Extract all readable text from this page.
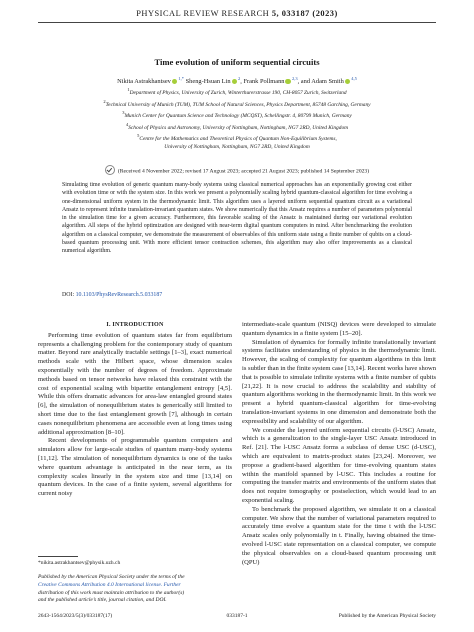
PHYSICAL REVIEW RESEARCH 5, 033187 (2023)
Time evolution of uniform sequential circuits
Nikita Astrakhantsev $^{1,*}$ Sheng-Hsuan Lin $^2$, Frank Pollmann $^{2,3}$, and Adam Smith $^{4,5}$
$^1$Department of Physics, University of Zurich, Winterthurerstrasse 190, CH-8057 Zurich, Switzerland
$^2$Technical University of Munich (TUM), TUM School of Natural Sciences, Physics Department, 85748 Garching, Germany
$^3$Munich Center for Quantum Science and Technology (MCQST), Schellingstr. 4, 80799 Munich, Germany
$^4$School of Physics and Astronomy, University of Nottingham, Nottingham, NG7 2RD, United Kingdom
$^5$Centre for the Mathematics and Theoretical Physics of Quantum Non-Equilibrium Systems,
University of Nottingham, Nottingham, NG7 2RD, United Kingdom
(Received 4 November 2022; revised 17 August 2023; accepted 21 August 2023; published 14 September 2023)
Simulating time evolution of generic quantum many-body systems using classical numerical approaches has an exponentially growing cost either with evolution time or with the system size. In this work we present a polynomially scaling hybrid quantum-classical algorithm for time evolving a one-dimensional uniform system in the thermodynamic limit. This algorithm uses a layered uniform sequential quantum circuit as a variational Ansatz to represent infinite translation-invariant quantum states. We show numerically that this Ansatz requires a number of parameters polynomial in the simulation time for a given accuracy. Furthermore, this favorable scaling of the Ansatz is maintained during our variational evolution algorithm. All steps of the hybrid optimization are designed with near-term digital quantum computers in mind. After benchmarking the evolution algorithm on a classical computer, we demonstrate the measurement of observables of this uniform state using a finite number of qubits on a cloud-based quantum processing unit. With more efficient tensor contraction schemes, this algorithm may also offer improvements as a classical numerical algorithm.
DOI: 10.1103/PhysRevResearch.5.033187
I. INTRODUCTION

Performing time evolution of quantum states far from equilibrium represents a challenging problem for the contemporary study of quantum matter. Beyond rare analytically tractable settings [1–3], exact numerical methods scale with the Hilbert space, whose dimension scales exponentially with the number of degrees of freedom. Approximate methods based on tensor networks have relaxed this constraint with the cost of exponential scaling with bipartite entanglement entropy [4,5]. While this offers dramatic advances for area-law entangled ground states [6], the simulation of nonequilibrium states is generically still limited to short time due to the fast entanglement growth [7], although in certain cases nonequilibrium phenomena are accessible even at long times using additional approximation [8–10].

Recent developments of programmable quantum computers and simulators allow for large-scale studies of quantum many-body systems [11,12]. The simulation of nonequilibrium dynamics is one of the tasks where quantum advantage is anticipated in the near term, as its complexity scales linearly in the system size and time [13,14] on quantum devices. In the case of a finite system, several algorithms for current noisy

intermediate-scale quantum (NISQ) devices were developed to simulate quantum dynamics in a finite system [15–20].

Simulation of dynamics for formally infinite translationally invariant systems facilitates understanding of physics in the thermodynamic limit. However, the scaling of complexity for quantum algorithms in this limit is subtler than in the finite system case [13,14]. Recent works have shown that is possible to simulate infinite systems with a finite number of qubits [21,22]. It is now crucial to address the scalability and stability of quantum algorithms working in the thermodynamic limit. In this work we present a hybrid quantum-classical algorithm for time-evolving translation-invariant systems in one dimension and demonstrate both the expressibility and scalability of our algorithm.

We consider the layered uniform sequential circuits (l-USC) Ansatz, which is a generalization to the single-layer USC Ansatz introduced in Ref. [21]. The l-USC Ansatz forms a subclass of dense USC (d-USC), which are equivalent to matrix-product states [23,24]. Moreover, we propose a gradient-based algorithm for time-evolving quantum states within the manifold spanned by l-USC. This includes a routine for computing the transfer matrix and environments of the uniform states that does not require tomography or postselection, which would lead to an exponential scaling.

To benchmark the proposed algorithm, we simulate it on a classical computer. We show that the number of variational parameters required to accurately time evolve a quantum state for the time t with the l-USC Ansatz scales only polynomially in t. Finally, having obtained the time-evolved l-USC state representation on a classical computer, we compute the physical observables on a cloud-based quantum processing unit (QPU)

*nikita.astrakhantsev@physik.uzh.ch
Published by the American Physical Society under the terms of the
Creative Commons Attribution 4.0 International license. Further
distribution of this work must maintain attribution to the author(s)
and the published article’s title, journal citation, and DOI.
2643-1564/2023/5(3)/033187(17)	033187-1	Published by the American Physical Society
